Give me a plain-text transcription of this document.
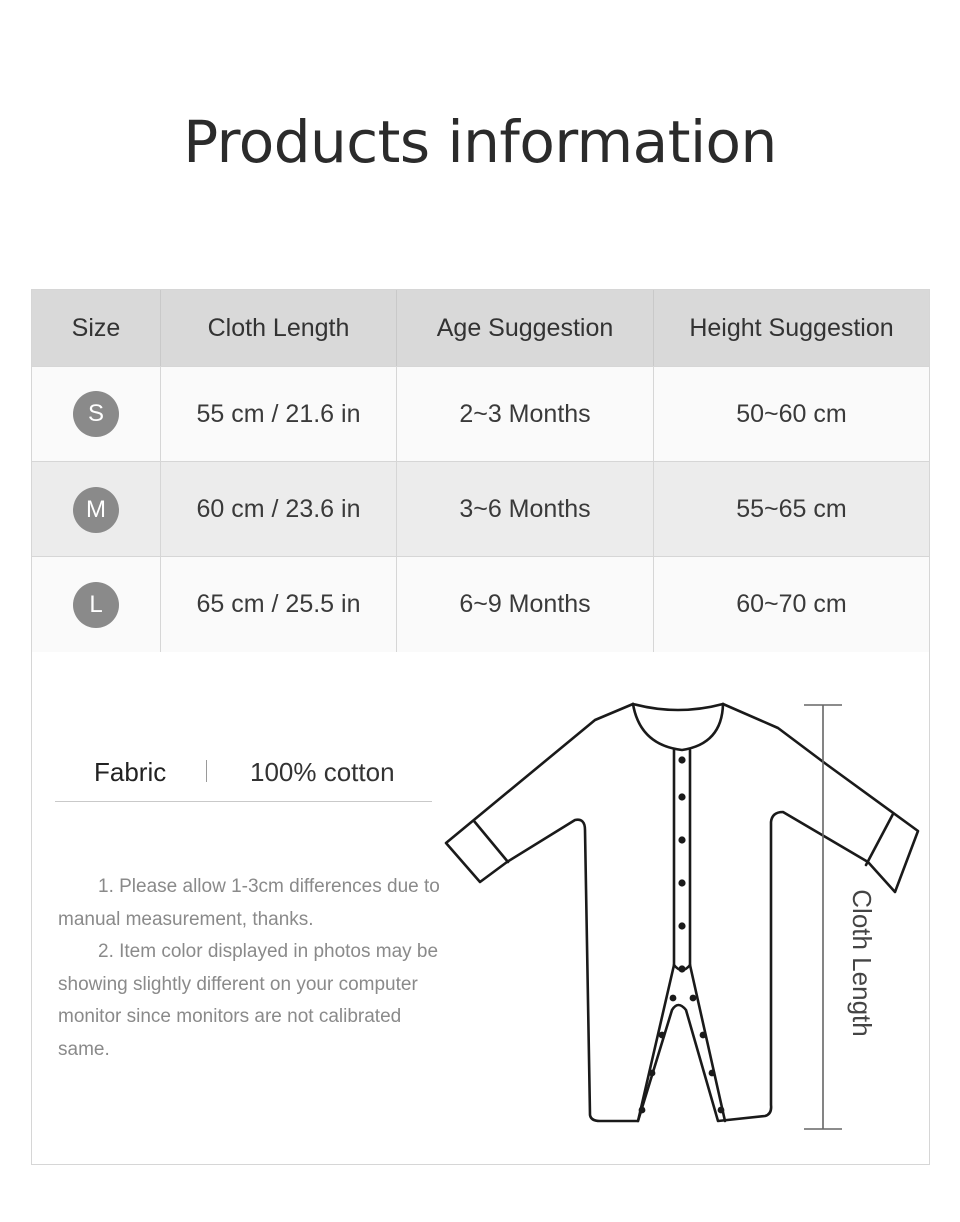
Products information
Size	Cloth Length	Age Suggestion	Height Suggestion
S	55 cm / 21.6 in	2~3 Months	50~60 cm
M	60 cm / 23.6 in	3~6 Months	55~65 cm
L	65 cm / 25.5 in	6~9 Months	60~70 cm
Fabric	100% cotton

1. Please allow 1-3cm differences due to manual measurement, thanks.

2. Item color displayed in photos may be showing slightly different on your computer monitor since monitors are not calibrated same.

Cloth Length
